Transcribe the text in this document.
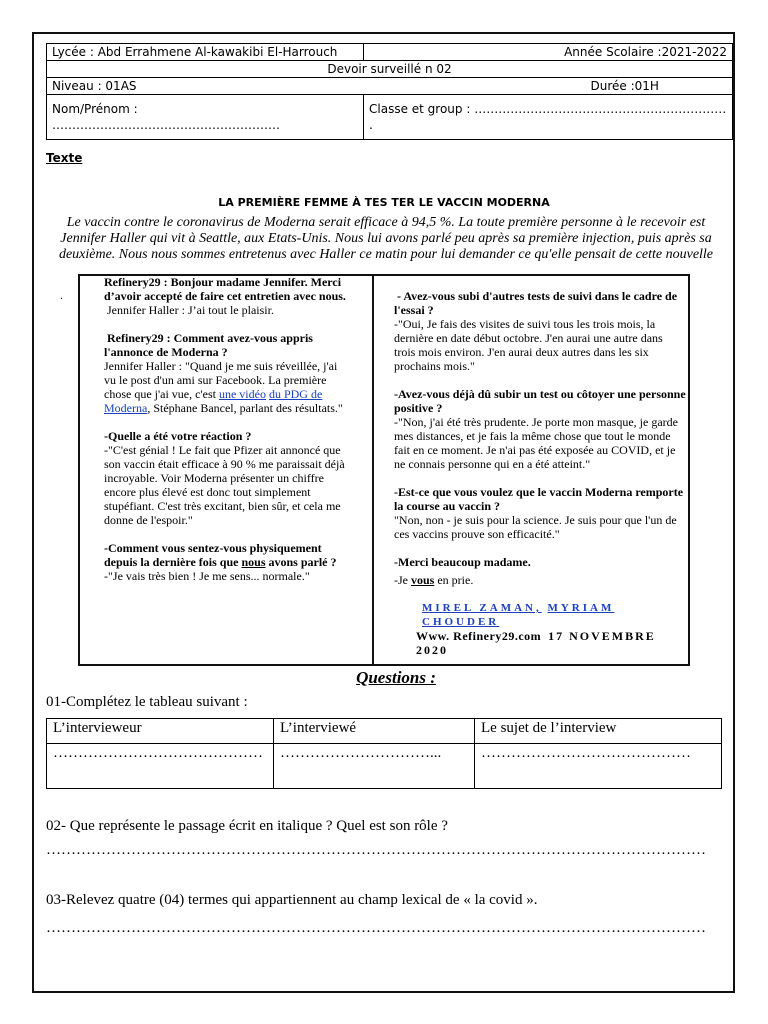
Lycée : Abd Errahmene Al-kawakibi El-Harrouch	Année Scolaire :2021-2022
Devoir surveillé n 02	
Niveau : 01AS	Durée :01H
Nom/Prénom : …………………………………………………	Classe et group : ……………………………………………………… .
Texte
LA PREMIÈRE FEMME À TES TER LE VACCIN MODERNA
Le vaccin contre le coronavirus de Moderna serait efficace à 94,5 %. La toute première personne à le recevoir est Jennifer Haller qui vit à Seattle, aux Etats-Unis. Nous lui avons parlé peu après sa première injection, puis après sa deuxième. Nous nous sommes entretenus avec Haller ce matin pour lui demander ce qu'elle pensait de cette nouvelle
.

Refinery29 : Bonjour madame Jennifer. Merci d’avoir accepté de faire cet entretien avec nous.

Jennifer Haller : J’ai tout le plaisir.

Refinery29 : Comment avez-vous appris l'annonce de Moderna ?

Jennifer Haller : "Quand je me suis réveillée, j'ai vu le post d'un ami sur Facebook. La première chose que j'ai vue, c'est une vidéo du PDG de Moderna, Stéphane Bancel, parlant des résultats."

-Quelle a été votre réaction ?

-"C'est génial ! Le fait que Pfizer ait annoncé que son vaccin était efficace à 90 % me paraissait déjà incroyable. Voir Moderna présenter un chiffre encore plus élevé est donc tout simplement stupéfiant. C'est très excitant, bien sûr, et cela me donne de l'espoir."

-Comment vous sentez-vous physiquement depuis la dernière fois que nous avons parlé ?

-"Je vais très bien ! Je me sens... normale."

- Avez-vous subi d'autres tests de suivi dans le cadre de l'essai ?

-"Oui, Je fais des visites de suivi tous les trois mois, la dernière en date début octobre. J'en aurai une autre dans trois mois environ. J'en aurai deux autres dans les six prochains mois."

-Avez-vous déjà dû subir un test ou côtoyer une personne positive ?

-"Non, j'ai été très prudente. Je porte mon masque, je garde mes distances, et je fais la même chose que tout le monde fait en ce moment. Je n'ai pas été exposée au COVID, et je ne connais personne qui en a été atteint."

-Est-ce que vous voulez que le vaccin Moderna remporte la course au vaccin ?

"Non, non - je suis pour la science. Je suis pour que l'un de ces vaccins prouve son efficacité."

-Merci beaucoup madame.

-Je vous en prie.

MIREL ZAMAN, MYRIAM CHOUDER

Www. Refinery29.com 17 NOVEMBRE 2020

Questions :
01-Complétez le tableau suivant :
L’intervieweur	L’interviewé	Le sujet de l’interview
……………………………………	…………………………...	……………………………………
02- Que représente le passage écrit en italique ? Quel est son rôle ?
……………………………………………………………………………………………………………………
03-Relevez quatre (04) termes qui appartiennent au champ lexical de « la covid ».
……………………………………………………………………………………………………………………
